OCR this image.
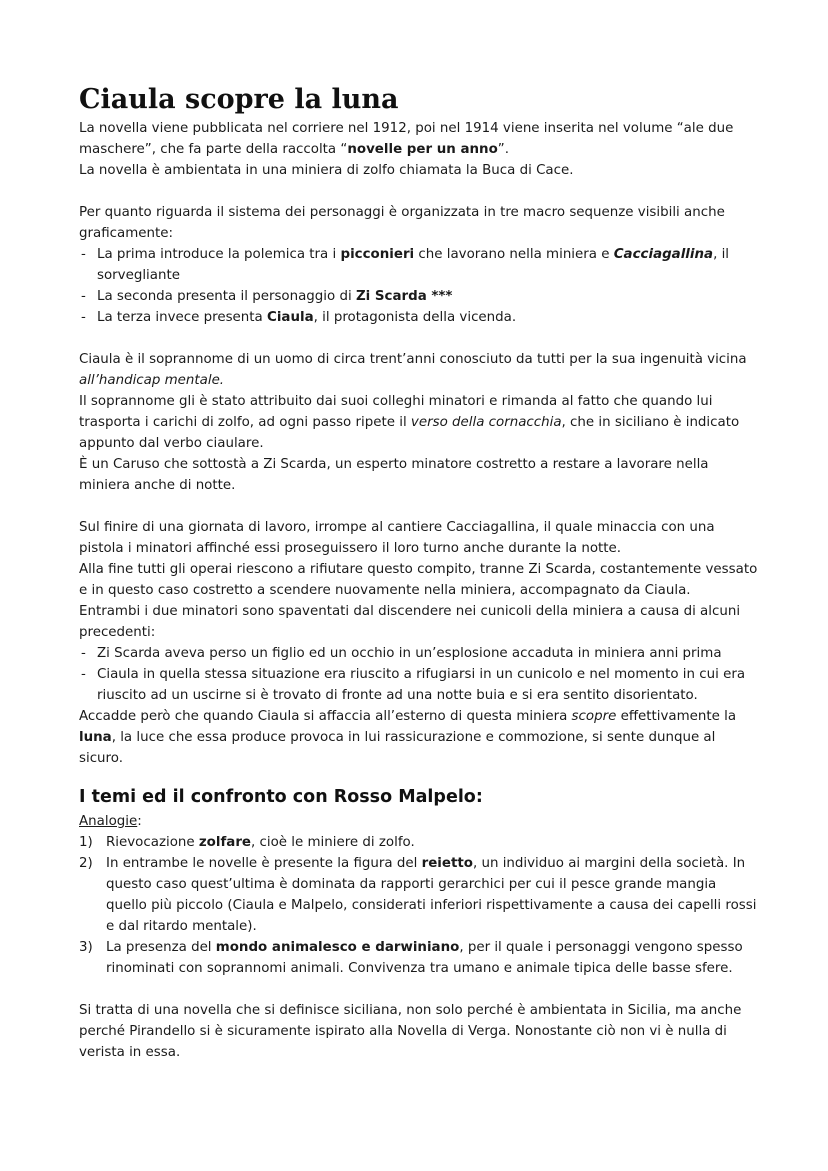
Ciaula scopre la luna

La novella viene pubblicata nel corriere nel 1912, poi nel 1914 viene inserita nel volume “ale due maschere”, che fa parte della raccolta “novelle per un anno”.

La novella è ambientata in una miniera di zolfo chiamata la Buca di Cace.

Per quanto riguarda il sistema dei personaggi è organizzata in tre macro sequenze visibili anche graficamente:

- La prima introduce la polemica tra i picconieri che lavorano nella miniera e Cacciagallina, il sorvegliante
- La seconda presenta il personaggio di Zi Scarda ***
- La terza invece presenta Ciaula, il protagonista della vicenda.

Ciaula è il soprannome di un uomo di circa trent’anni conosciuto da tutti per la sua ingenuità vicina all’handicap mentale.

Il soprannome gli è stato attribuito dai suoi colleghi minatori e rimanda al fatto che quando lui trasporta i carichi di zolfo, ad ogni passo ripete il verso della cornacchia, che in siciliano è indicato appunto dal verbo ciaulare.

È un Caruso che sottostà a Zi Scarda, un esperto minatore costretto a restare a lavorare nella miniera anche di notte.

Sul finire di una giornata di lavoro, irrompe al cantiere Cacciagallina, il quale minaccia con una pistola i minatori affinché essi proseguissero il loro turno anche durante la notte.

Alla fine tutti gli operai riescono a rifiutare questo compito, tranne Zi Scarda, costantemente vessato e in questo caso costretto a scendere nuovamente nella miniera, accompagnato da Ciaula.

Entrambi i due minatori sono spaventati dal discendere nei cunicoli della miniera a causa di alcuni precedenti:

- Zi Scarda aveva perso un figlio ed un occhio in un’esplosione accaduta in miniera anni prima
- Ciaula in quella stessa situazione era riuscito a rifugiarsi in un cunicolo e nel momento in cui era riuscito ad un uscirne si è trovato di fronte ad una notte buia e si era sentito disorientato.

Accadde però che quando Ciaula si affaccia all’esterno di questa miniera scopre effettivamente la luna, la luce che essa produce provoca in lui rassicurazione e commozione, si sente dunque al sicuro.

I temi ed il confronto con Rosso Malpelo:

Analogie:

1) Rievocazione zolfare, cioè le miniere di zolfo.
2) In entrambe le novelle è presente la figura del reietto, un individuo ai margini della società. In questo caso quest’ultima è dominata da rapporti gerarchici per cui il pesce grande mangia quello più piccolo (Ciaula e Malpelo, considerati inferiori rispettivamente a causa dei capelli rossi e dal ritardo mentale).
3) La presenza del mondo animalesco e darwiniano, per il quale i personaggi vengono spesso rinominati con soprannomi animali. Convivenza tra umano e animale tipica delle basse sfere.

Si tratta di una novella che si definisce siciliana, non solo perché è ambientata in Sicilia, ma anche perché Pirandello si è sicuramente ispirato alla Novella di Verga. Nonostante ciò non vi è nulla di verista in essa.
